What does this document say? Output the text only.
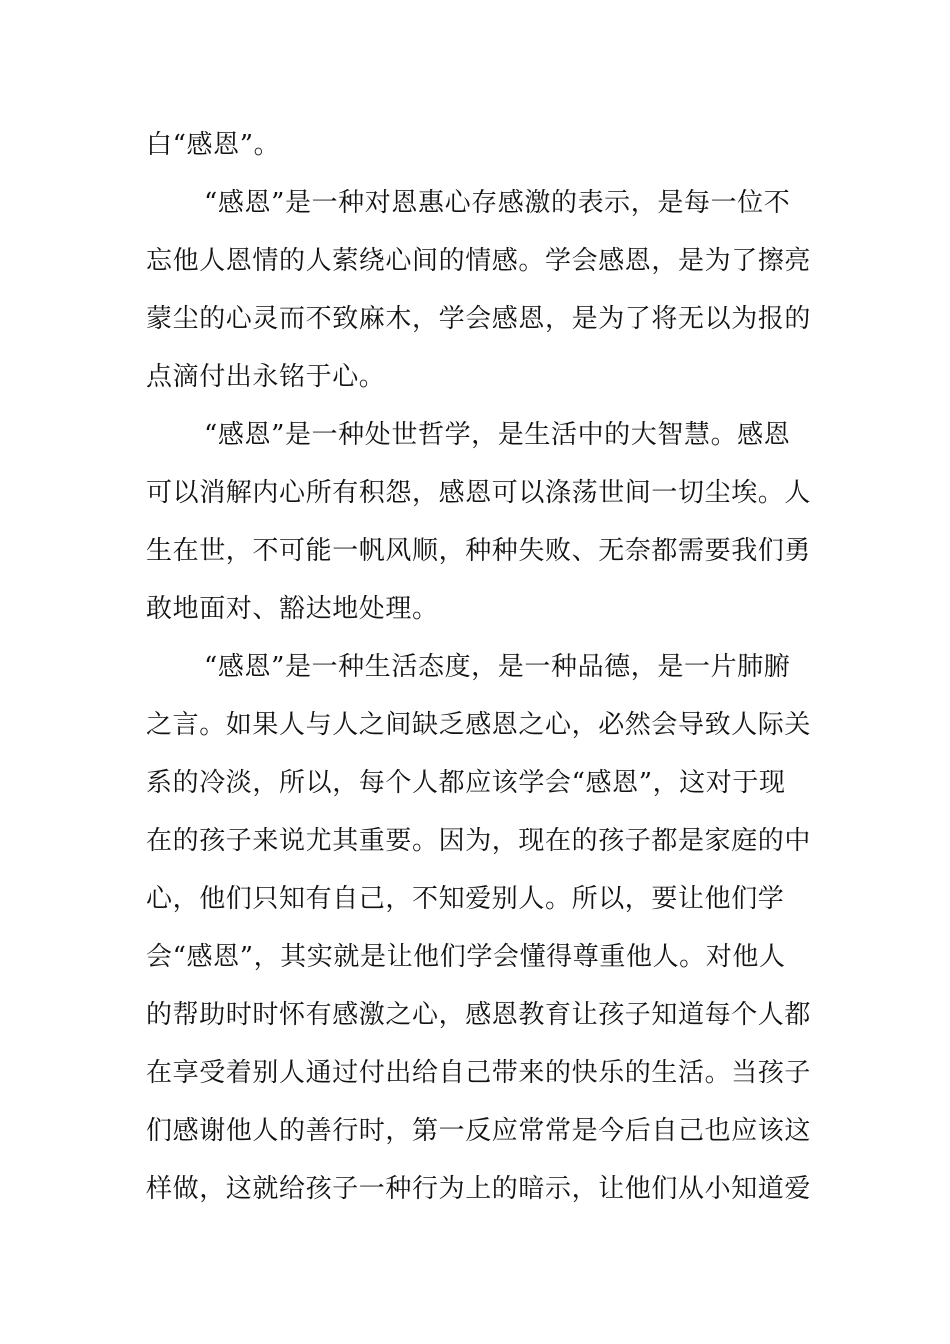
白“感恩”。
“感恩”是一种对恩惠心存感激的表示，是每一位不
忘他人恩情的人萦绕心间的情感。学会感恩，是为了擦亮
蒙尘的心灵而不致麻木，学会感恩，是为了将无以为报的
点滴付出永铭于心。
“感恩”是一种处世哲学，是生活中的大智慧。感恩
可以消解内心所有积怨，感恩可以涤荡世间一切尘埃。人
生在世，不可能一帆风顺，种种失败、无奈都需要我们勇
敢地面对、豁达地处理。
“感恩”是一种生活态度，是一种品德，是一片肺腑
之言。如果人与人之间缺乏感恩之心，必然会导致人际关
系的冷淡，所以，每个人都应该学会“感恩”，这对于现
在的孩子来说尤其重要。因为，现在的孩子都是家庭的中
心，他们只知有自己，不知爱别人。所以，要让他们学
会“感恩”，其实就是让他们学会懂得尊重他人。对他人
的帮助时时怀有感激之心，感恩教育让孩子知道每个人都
在享受着别人通过付出给自己带来的快乐的生活。当孩子
们感谢他人的善行时，第一反应常常是今后自己也应该这
样做，这就给孩子一种行为上的暗示，让他们从小知道爱
